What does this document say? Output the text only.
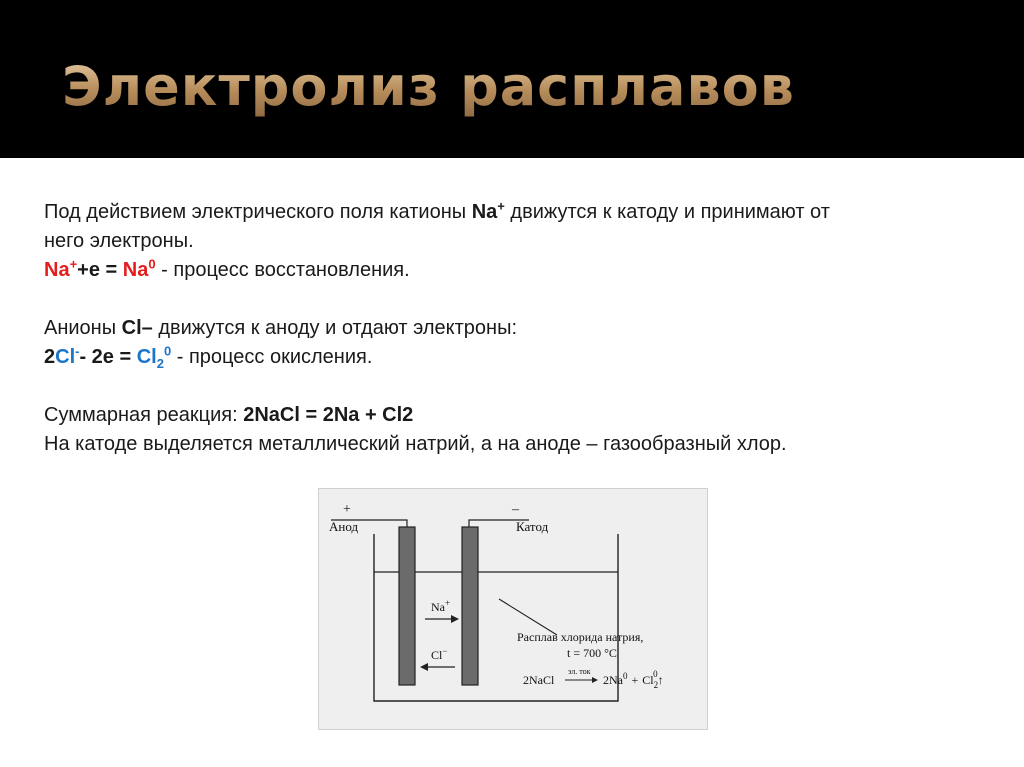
Электролиз расплавов

Под действием электрического поля катионы Na+ движутся к катоду и принимают от

него электроны.

$Na^++e = Na^0$ - процесс восстановления.

Анионы Cl– движутся к аноду и отдают электроны:

2Cl-- $2e = Cl_2^0$ - процесс окисления.

Суммарная реакция: 2NaCl = 2Na + Cl2

На катоде выделяется металлический натрий, а на аноде – газообразный хлор.

+
Анод
–
Катод
Na+
Cl−
Расплав хлорида натрия,
t = 700 °C
2NaCl
эл. ток
$2Na^0$ + $Cl_20↑$
